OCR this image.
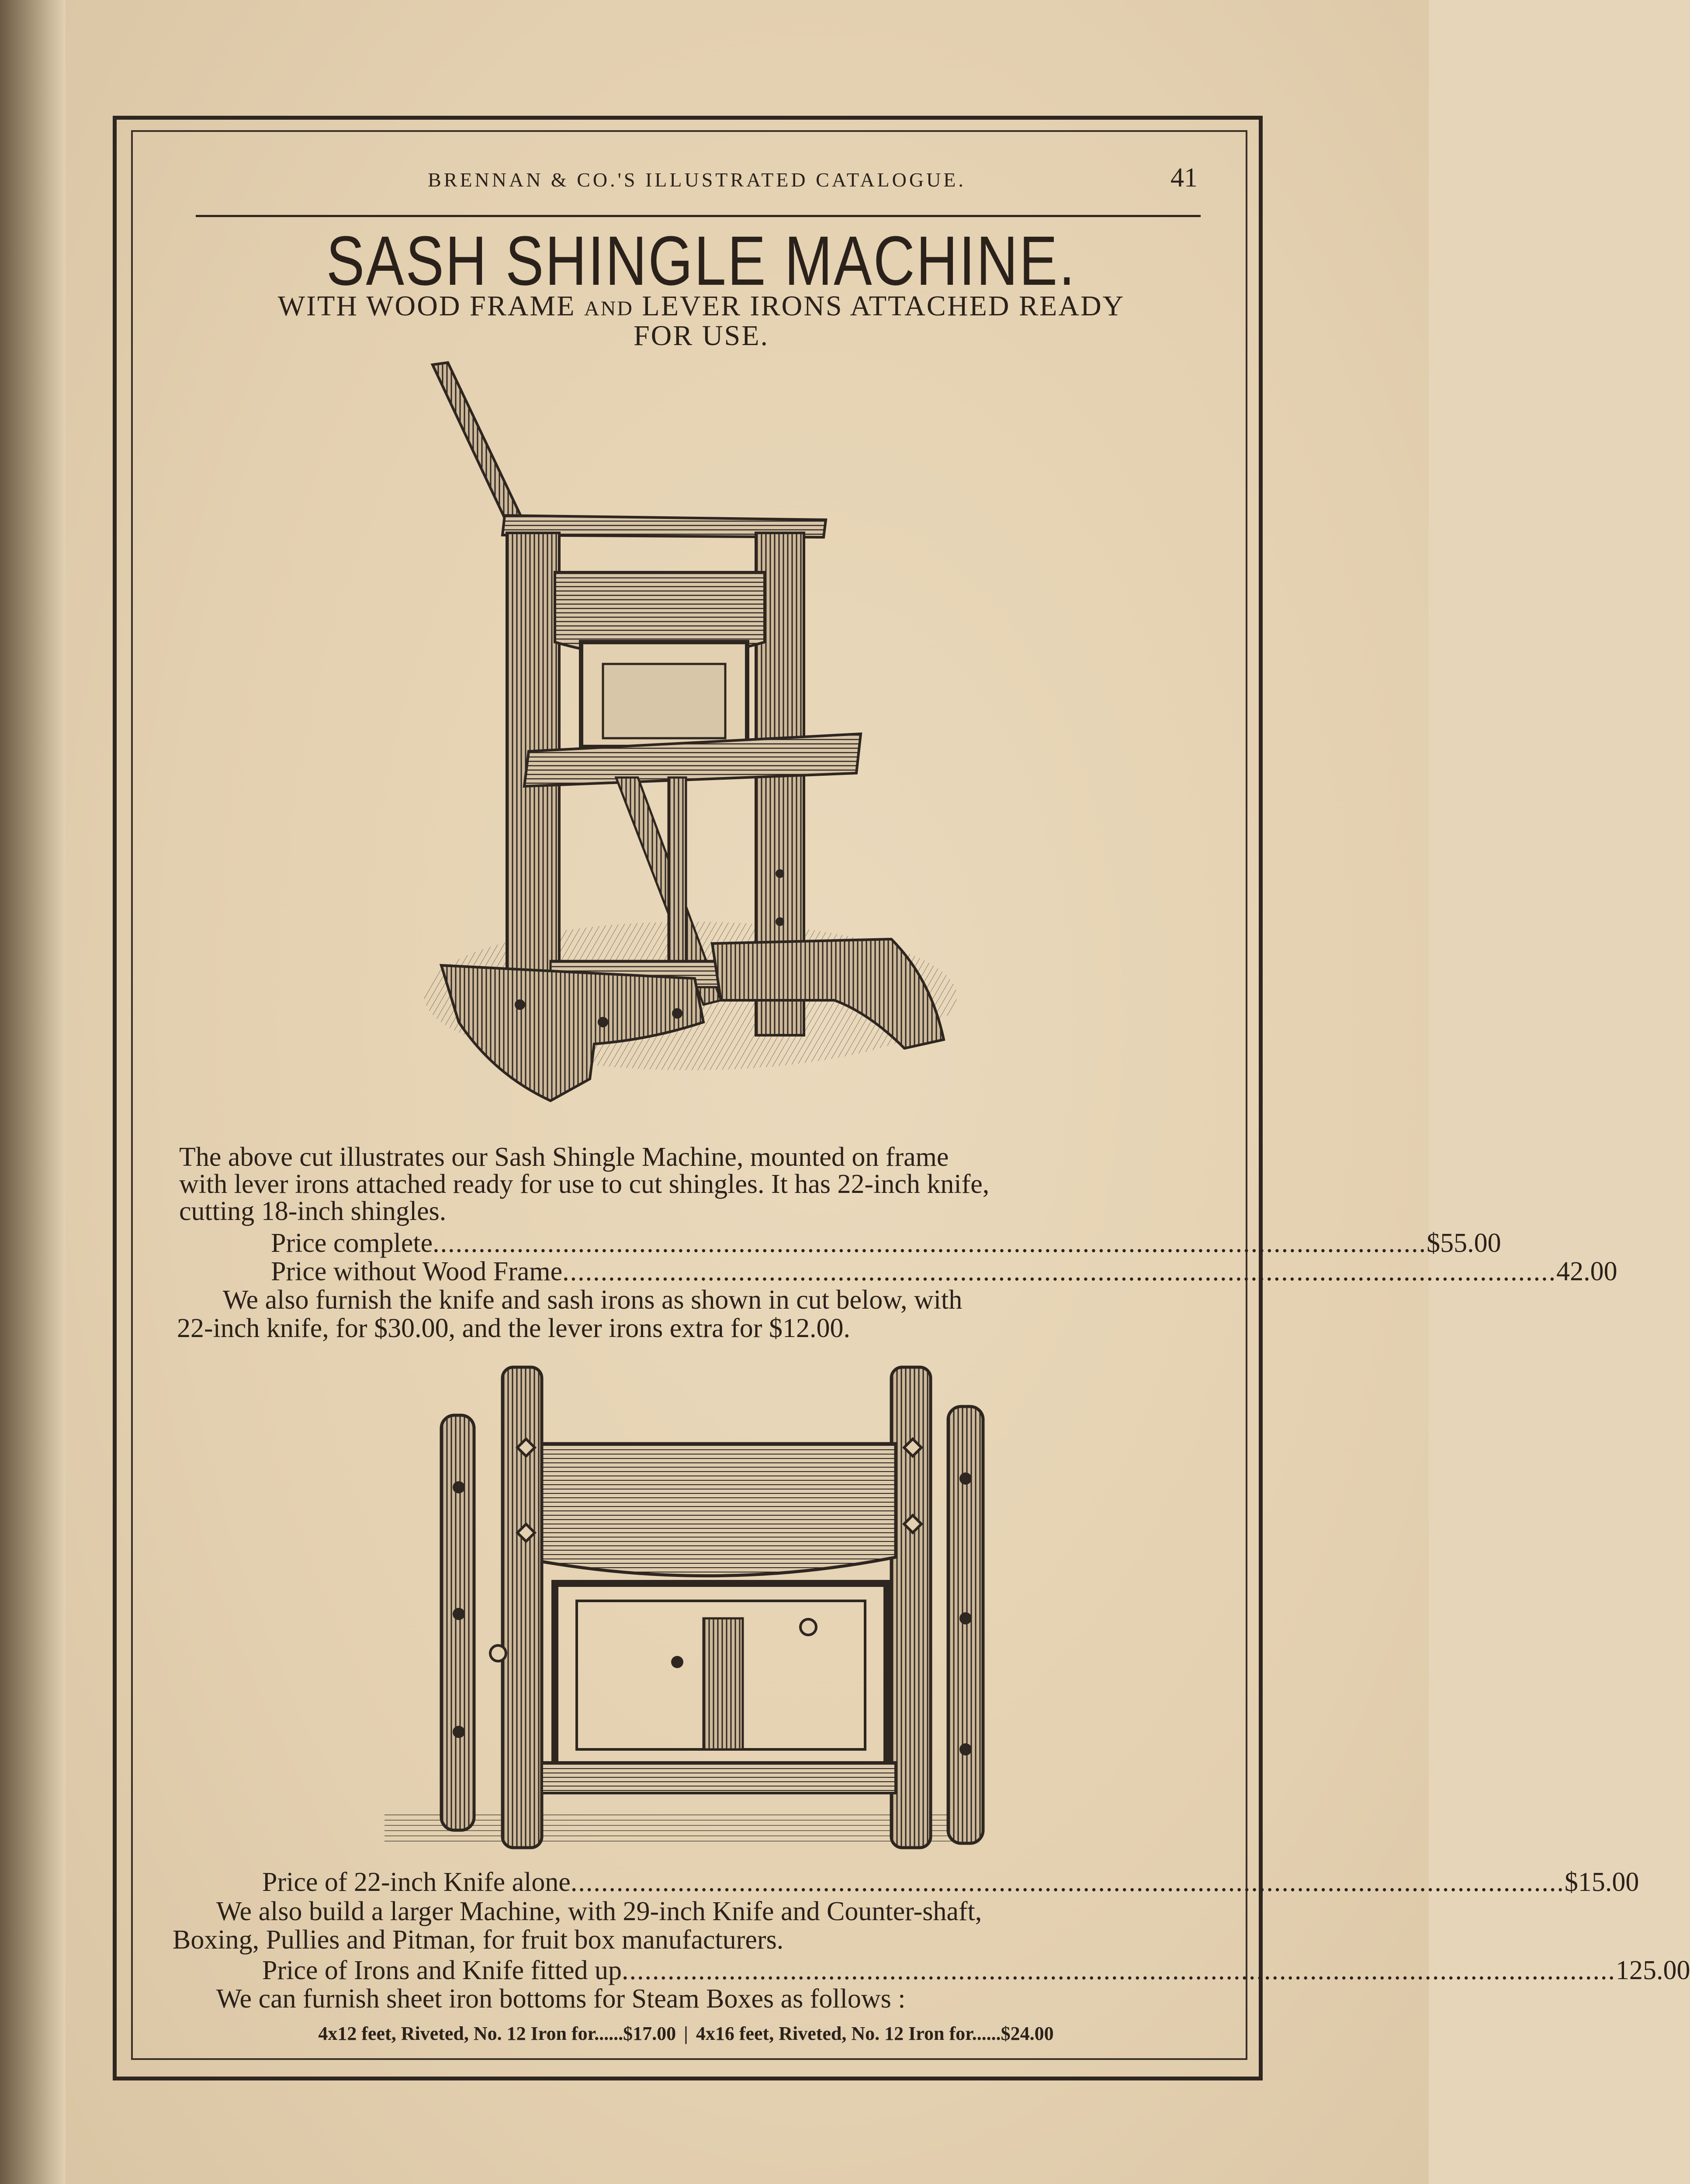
BRENNAN & CO.'S ILLUSTRATED CATALOGUE.	41
SASH SHINGLE MACHINE.
WITH WOOD FRAME AND LEVER IRONS ATTACHED READY
FOR USE.
The above cut illustrates our Sash Shingle Machine, mounted on frame
with lever irons attached ready for use to cut shingles. It has 22-inch knife,
cutting 18-inch shingles.
Price complete .................................................................................................................................. $55.00
Price without Wood Frame .................................................................................................................................. 42.00
We also furnish the knife and sash irons as shown in cut below, with
22-inch knife, for $30.00, and the lever irons extra for $12.00.
Price of 22-inch Knife alone .................................................................................................................................. $15.00
We also build a larger Machine, with 29-inch Knife and Counter-shaft,
Boxing, Pullies and Pitman, for fruit box manufacturers.
Price of Irons and Knife fitted up .................................................................................................................................. 125.00
We can furnish sheet iron bottoms for Steam Boxes as follows :
4x12 feet, Riveted, No. 12 Iron for......$17.00 | 4x16 feet, Riveted, No. 12 Iron for......$24.00
